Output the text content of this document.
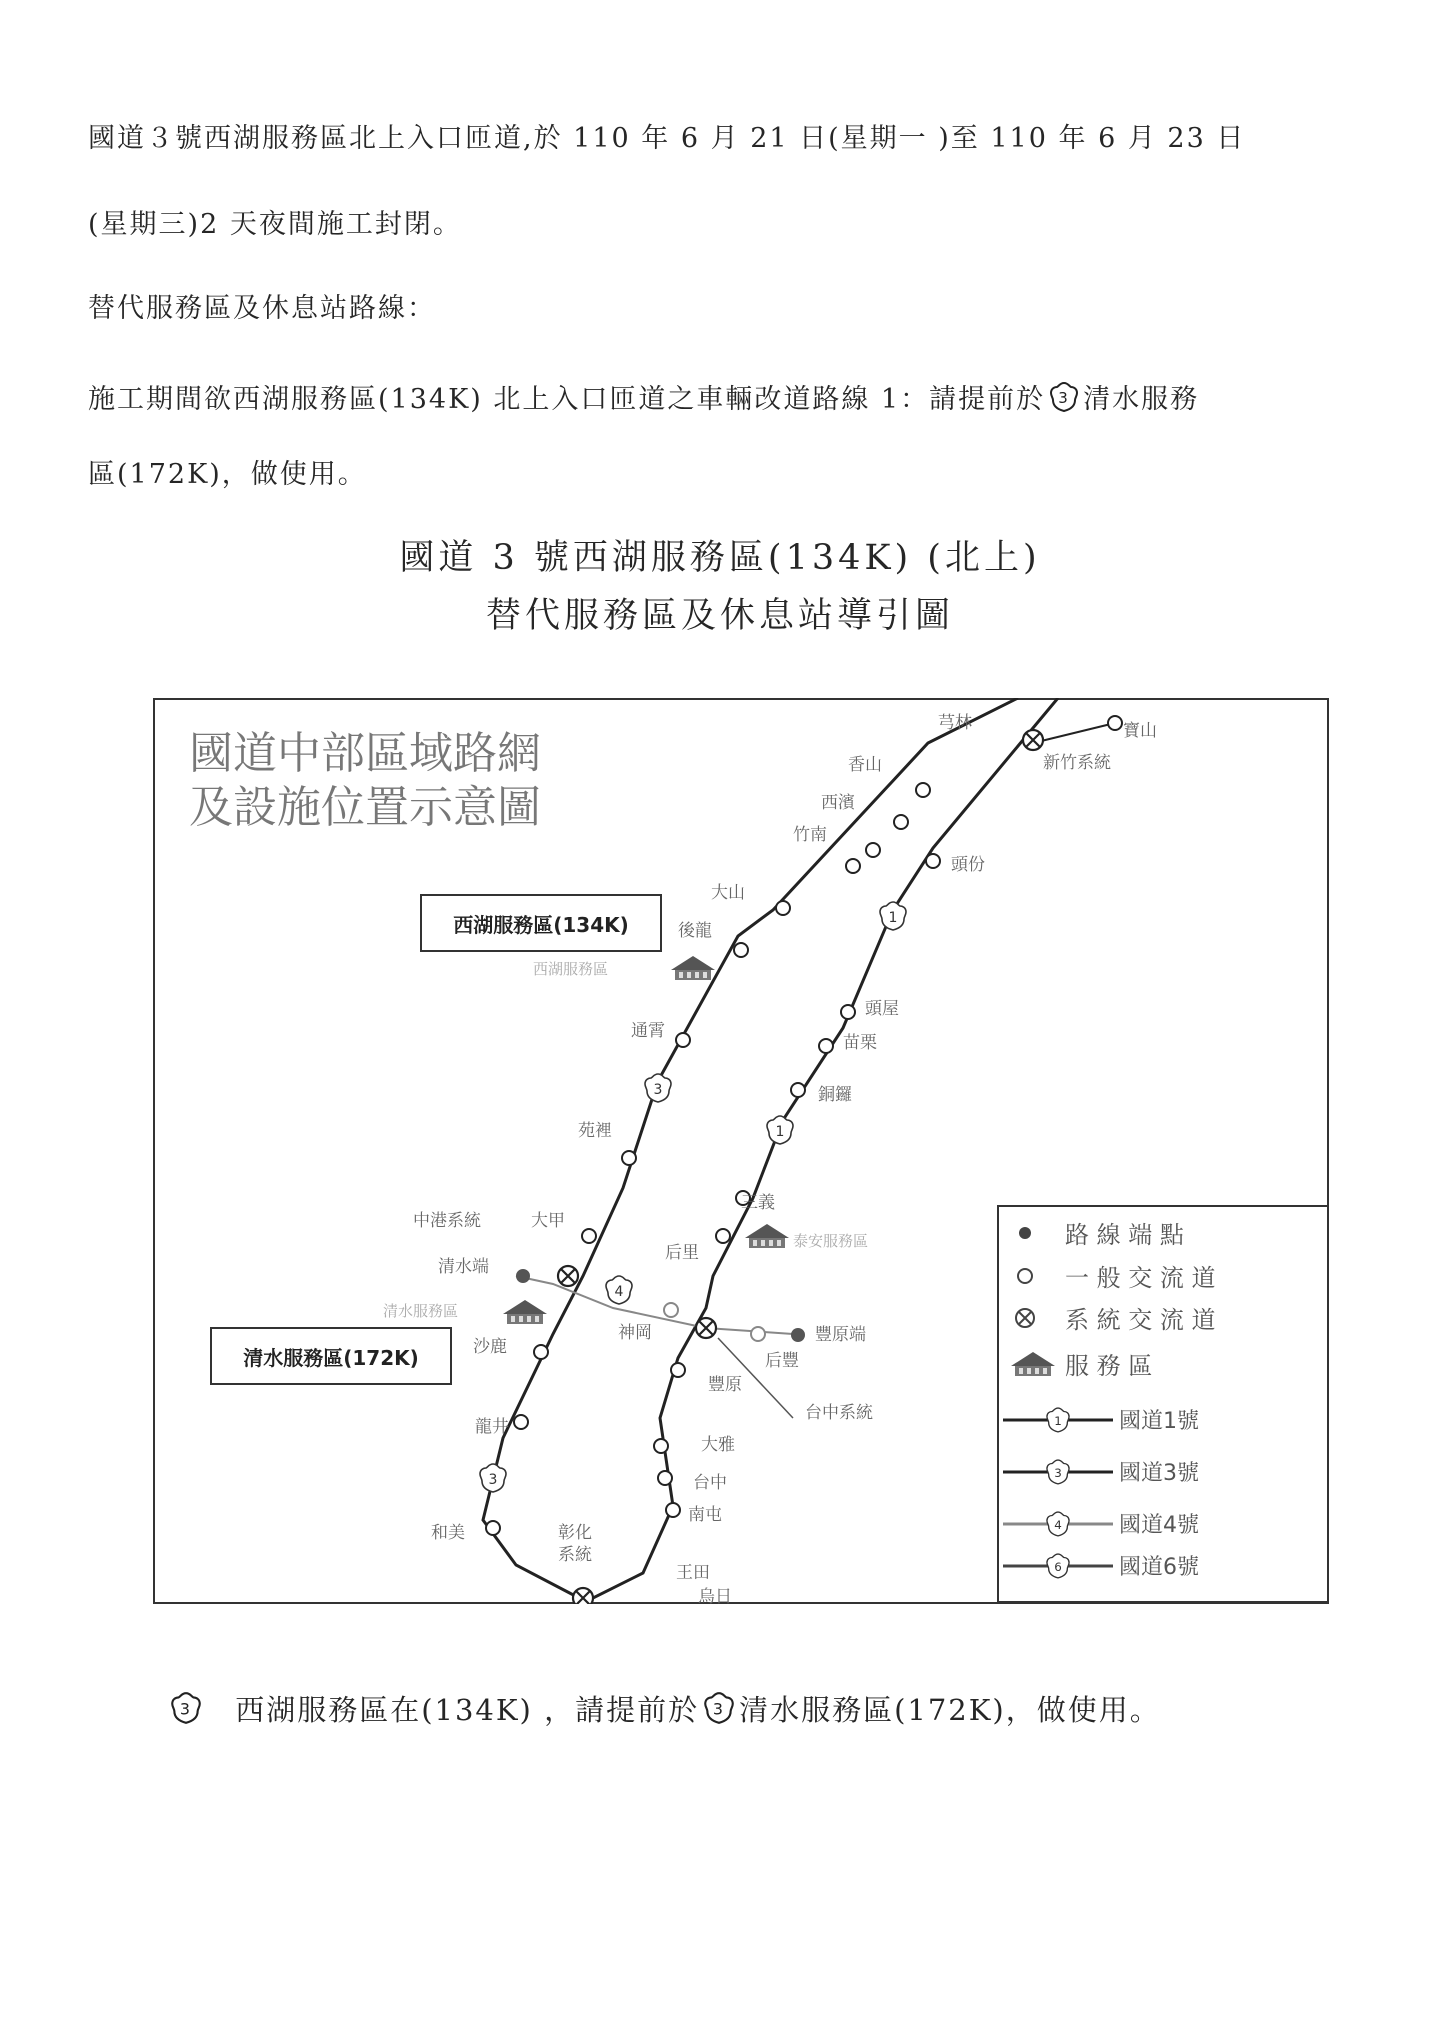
國道３號西湖服務區北上入口匝道,於 110 年 6 月 21 日(星期一 )至 110 年 6 月 23 日
(星期三)2 天夜間施工封閉。
替代服務區及休息站路線：
施工期間欲西湖服務區(134K) 北上入口匝道之車輛改道路線 1：請提前於 3 清水服務
區(172K)，做使用。
國道 3 號西湖服務區(134K) (北上)
替代服務區及休息站導引圖
國道中部區域路網
及設施位置示意圖
1
3
1
4
3
西湖服務區(134K)
清水服務區(172K)
西湖服務區
泰安服務區
清水服務區
芎林	寶山
新竹系統
香山
西濱
竹南
頭份
大山
後龍
通霄
頭屋
苗栗
銅鑼
苑裡
三義
中港系統	大甲
后里
清水端
神岡	豐原端
沙鹿
后豐
豐原
台中系統
龍井
大雅
台中
南屯
和美	彰化
系統
王田
烏日
路 線 端 點
一 般 交 流 道
系 統 交 流 道
服 務 區
1	國道1號
3	國道3號
4	國道4號
6	國道6號
3 西湖服務區在(134K) ，請提前於 3 清水服務區(172K)，做使用。
